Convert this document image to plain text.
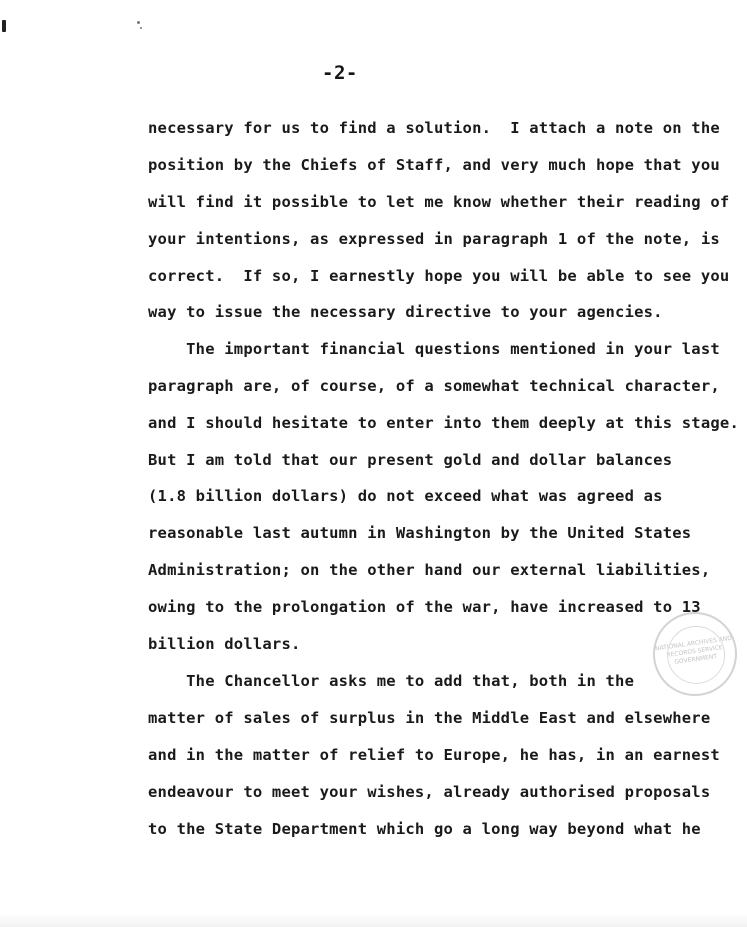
-2-

necessary for us to find a solution.  I attach a note on the

position by the Chiefs of Staff, and very much hope that you

will find it possible to let me know whether their reading of

your intentions, as expressed in paragraph 1 of the note, is

correct.  If so, I earnestly hope you will be able to see you

way to issue the necessary directive to your agencies.

The important financial questions mentioned in your last

paragraph are, of course, of a somewhat technical character,

and I should hesitate to enter into them deeply at this stage.

But I am told that our present gold and dollar balances

(1.8 billion dollars) do not exceed what was agreed as

reasonable last autumn in Washington by the United States

Administration; on the other hand our external liabilities,

owing to the prolongation of the war, have increased to 13

billion dollars.

The Chancellor asks me to add that, both in the

matter of sales of surplus in the Middle East and elsewhere

and in the matter of relief to Europe, he has, in an earnest

endeavour to meet your wishes, already authorised proposals

to the State Department which go a long way beyond what he

NATIONAL ARCHIVES AND RECORDS SERVICE GOVERNMENT
